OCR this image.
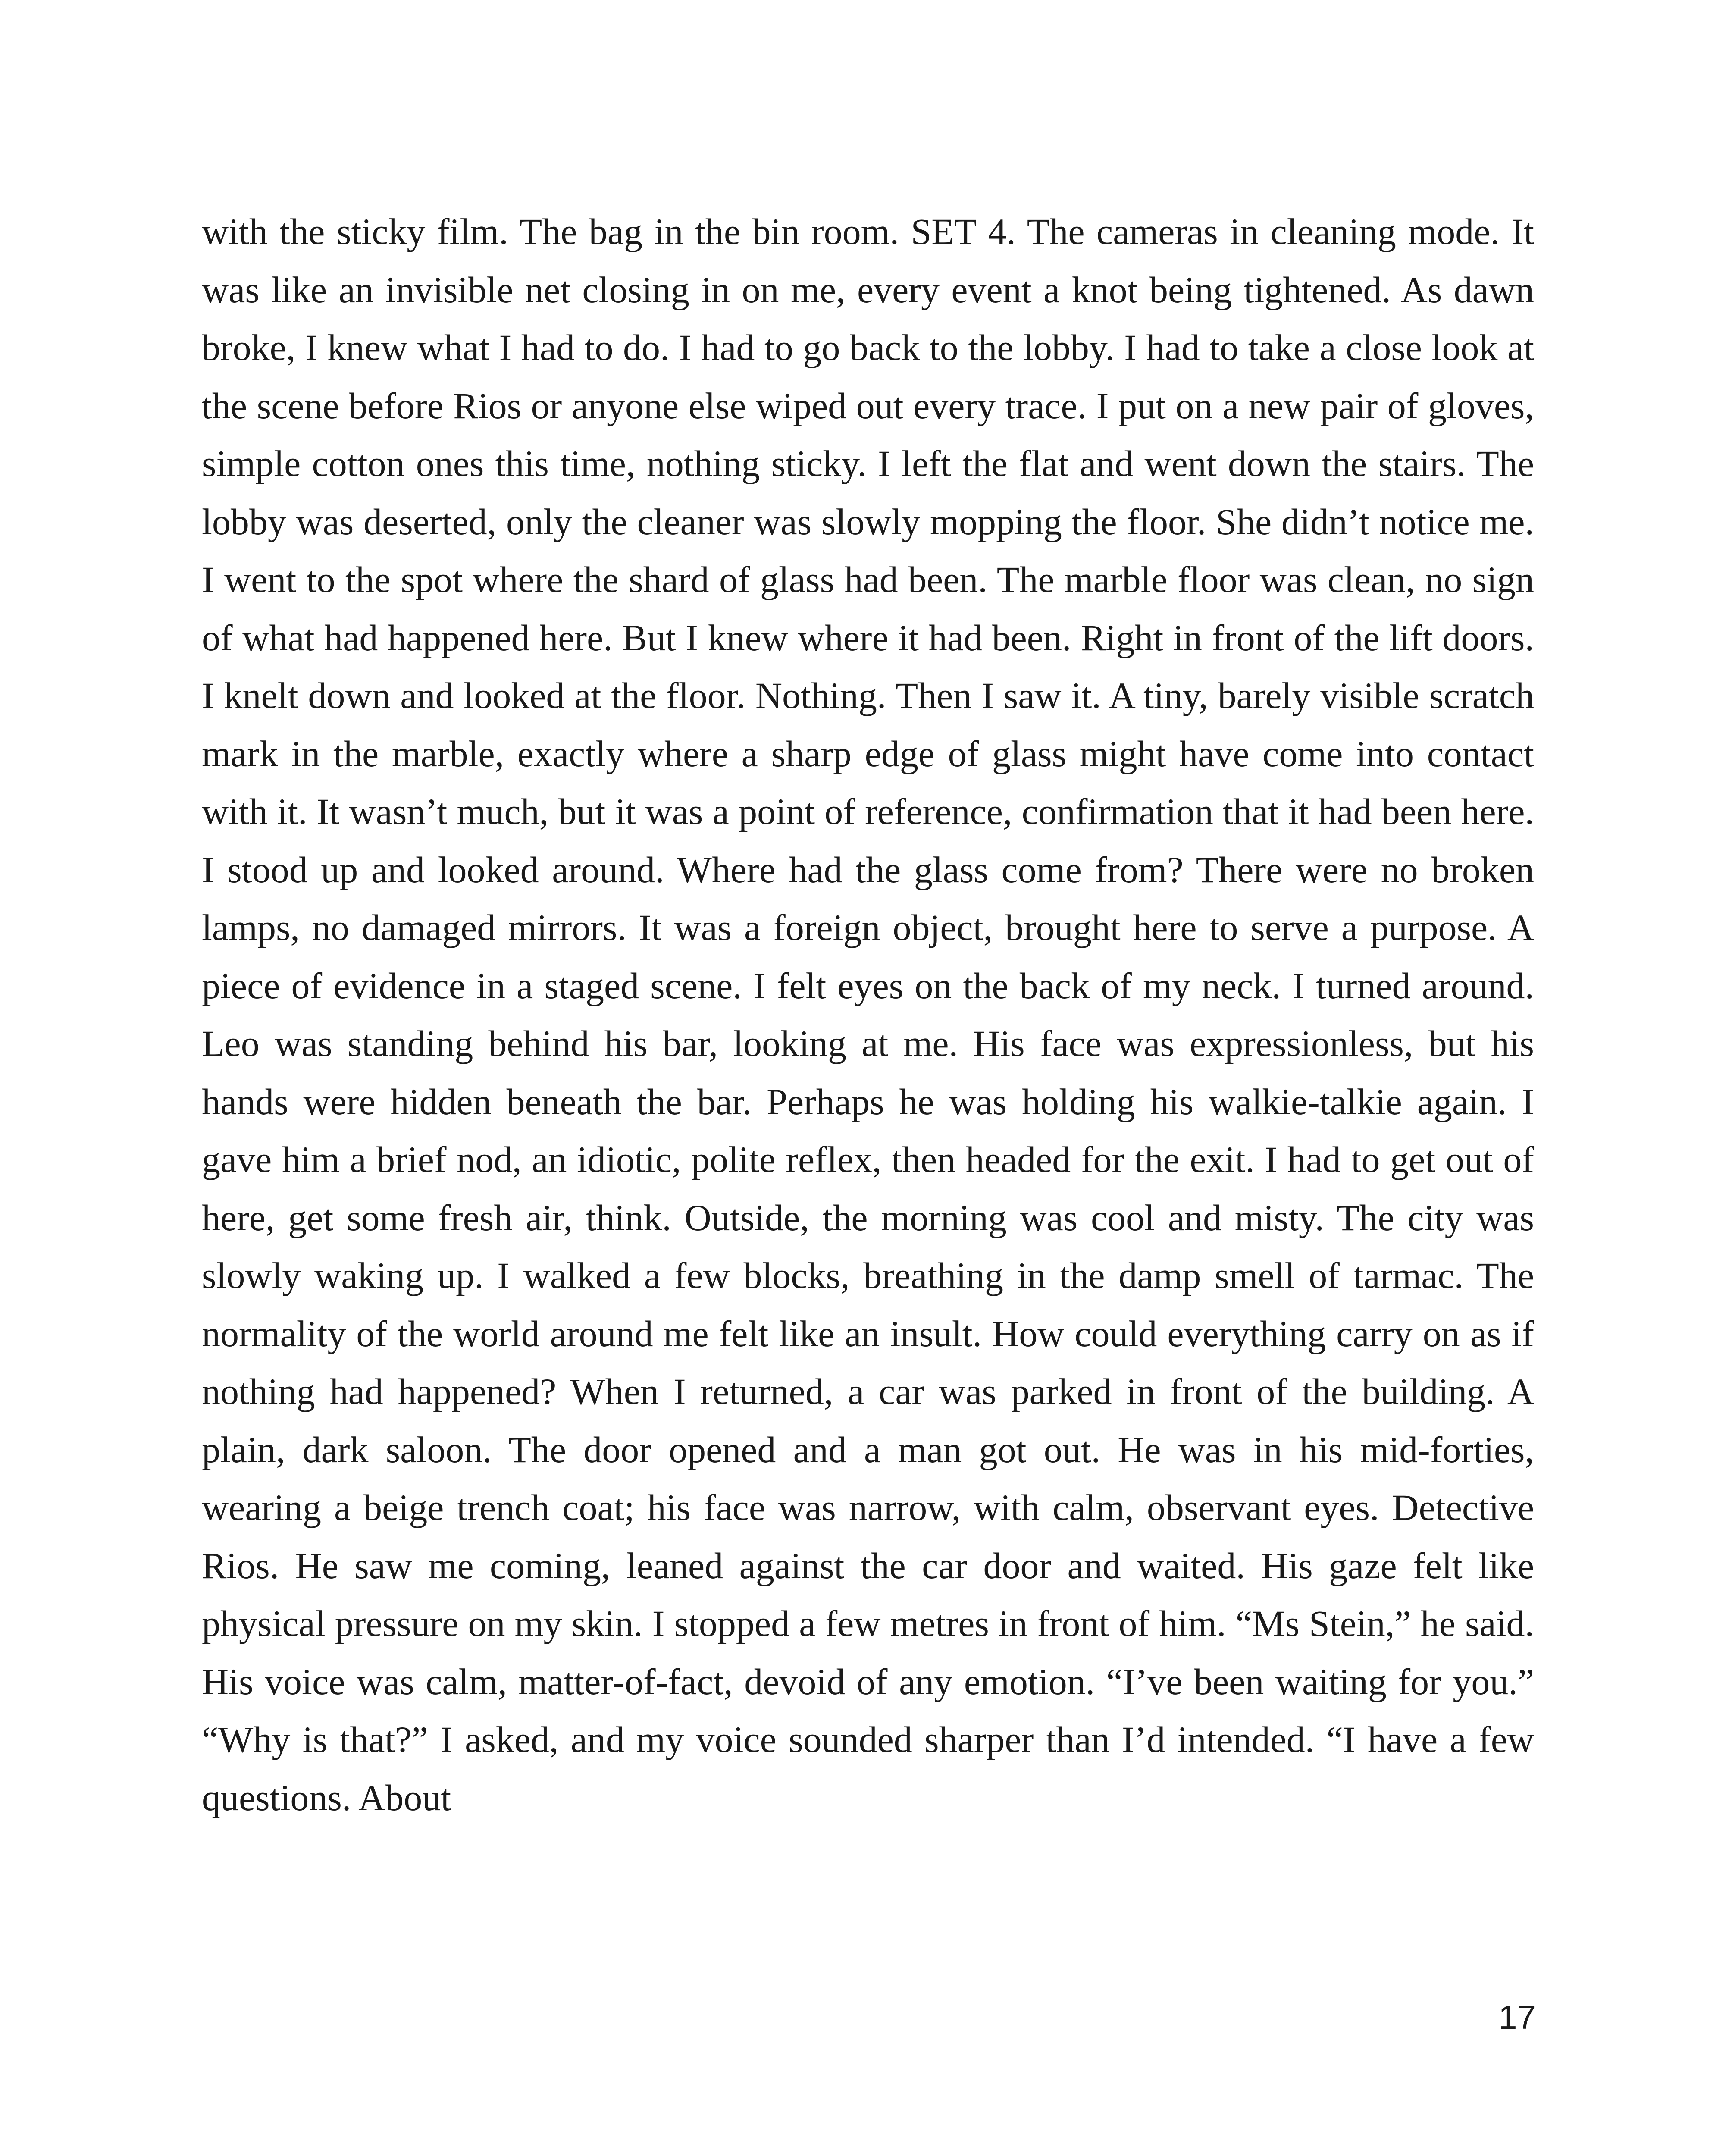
with the sticky film. The bag in the bin room. SET 4. The cameras in cleaning mode. It was like an invisible net closing in on me, every event a knot being tightened. As dawn broke, I knew what I had to do. I had to go back to the lobby. I had to take a close look at the scene before Rios or anyone else wiped out every trace. I put on a new pair of gloves, simple cotton ones this time, nothing sticky. I left the flat and went down the stairs. The lobby was deserted, only the cleaner was slowly mopping the floor. She didn’t notice me. I went to the spot where the shard of glass had been. The marble floor was clean, no sign of what had happened here. But I knew where it had been. Right in front of the lift doors. I knelt down and looked at the floor. Nothing. Then I saw it. A tiny, barely visible scratch mark in the marble, exactly where a sharp edge of glass might have come into contact with it. It wasn’t much, but it was a point of reference, confirmation that it had been here. I stood up and looked around. Where had the glass come from? There were no broken lamps, no damaged mirrors. It was a foreign object, brought here to serve a purpose. A piece of evidence in a staged scene. I felt eyes on the back of my neck. I turned around. Leo was standing behind his bar, looking at me. His face was expressionless, but his hands were hidden beneath the bar. Perhaps he was holding his walkie-talkie again. I gave him a brief nod, an idiotic, polite reflex, then headed for the exit. I had to get out of here, get some fresh air, think. Outside, the morning was cool and misty. The city was slowly waking up. I walked a few blocks, breathing in the damp smell of tarmac. The normality of the world around me felt like an insult. How could everything carry on as if nothing had happened? When I returned, a car was parked in front of the building. A plain, dark saloon. The door opened and a man got out. He was in his mid-forties, wearing a beige trench coat; his face was narrow, with calm, observant eyes. Detective Rios. He saw me coming, leaned against the car door and waited. His gaze felt like physical pressure on my skin. I stopped a few metres in front of him. “Ms Stein,” he said. His voice was calm, matter-of-fact, devoid of any emotion. “I’ve been waiting for you.” “Why is that?” I asked, and my voice sounded sharper than I’d intended. “I have a few questions. About

17
